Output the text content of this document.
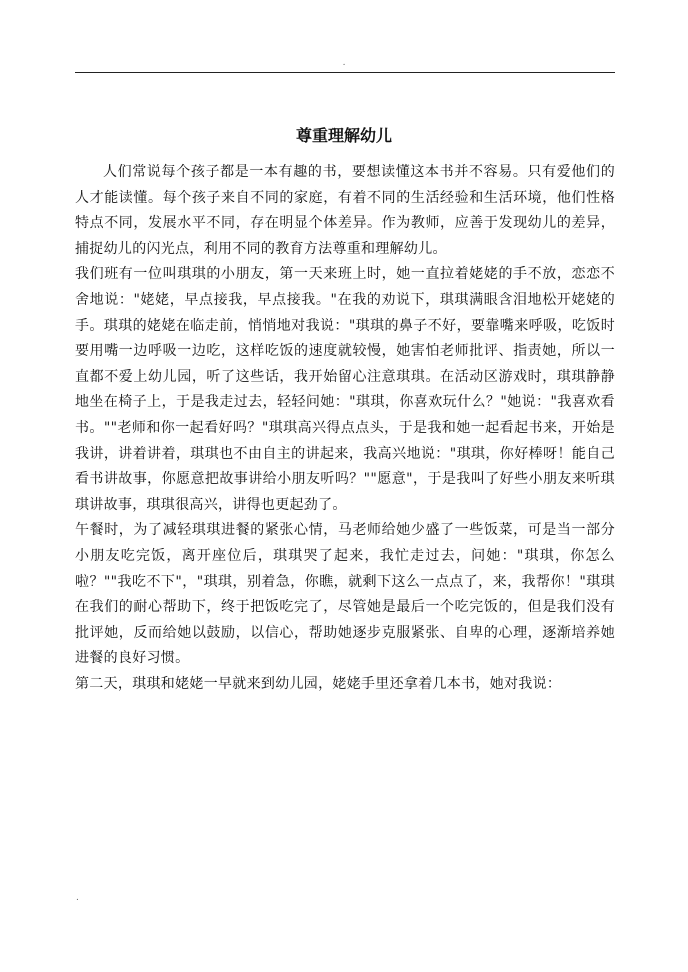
.
尊重理解幼儿

人们常说每个孩子都是一本有趣的书，要想读懂这本书并不容易。只有爱他们的人才能读懂。每个孩子来自不同的家庭，有着不同的生活经验和生活环境，他们性格特点不同，发展水平不同，存在明显个体差异。作为教师，应善于发现幼儿的差异，捕捉幼儿的闪光点，利用不同的教育方法尊重和理解幼儿。

我们班有一位叫琪琪的小朋友，第一天来班上时，她一直拉着姥姥的手不放，恋恋不舍地说："姥姥，早点接我，早点接我。"在我的劝说下，琪琪满眼含泪地松开姥姥的手。琪琪的姥姥在临走前，悄悄地对我说："琪琪的鼻子不好，要靠嘴来呼吸，吃饭时要用嘴一边呼吸一边吃，这样吃饭的速度就较慢，她害怕老师批评、指责她，所以一直都不爱上幼儿园，听了这些话，我开始留心注意琪琪。在活动区游戏时，琪琪静静地坐在椅子上，于是我走过去，轻轻问她："琪琪，你喜欢玩什么？"她说："我喜欢看书。""老师和你一起看好吗？"琪琪高兴得点点头，于是我和她一起看起书来，开始是我讲，讲着讲着，琪琪也不由自主的讲起来，我高兴地说："琪琪，你好棒呀！能自己看书讲故事，你愿意把故事讲给小朋友听吗？""愿意"，于是我叫了好些小朋友来听琪琪讲故事，琪琪很高兴，讲得也更起劲了。

午餐时，为了减轻琪琪进餐的紧张心情，马老师给她少盛了一些饭菜，可是当一部分小朋友吃完饭，离开座位后，琪琪哭了起来，我忙走过去，问她："琪琪，你怎么啦？""我吃不下"，"琪琪，别着急，你瞧，就剩下这么一点点了，来，我帮你！"琪琪在我们的耐心帮助下，终于把饭吃完了，尽管她是最后一个吃完饭的，但是我们没有批评她，反而给她以鼓励，以信心，帮助她逐步克服紧张、自卑的心理，逐渐培养她进餐的良好习惯。

第二天，琪琪和姥姥一早就来到幼儿园，姥姥手里还拿着几本书，她对我说：

.
